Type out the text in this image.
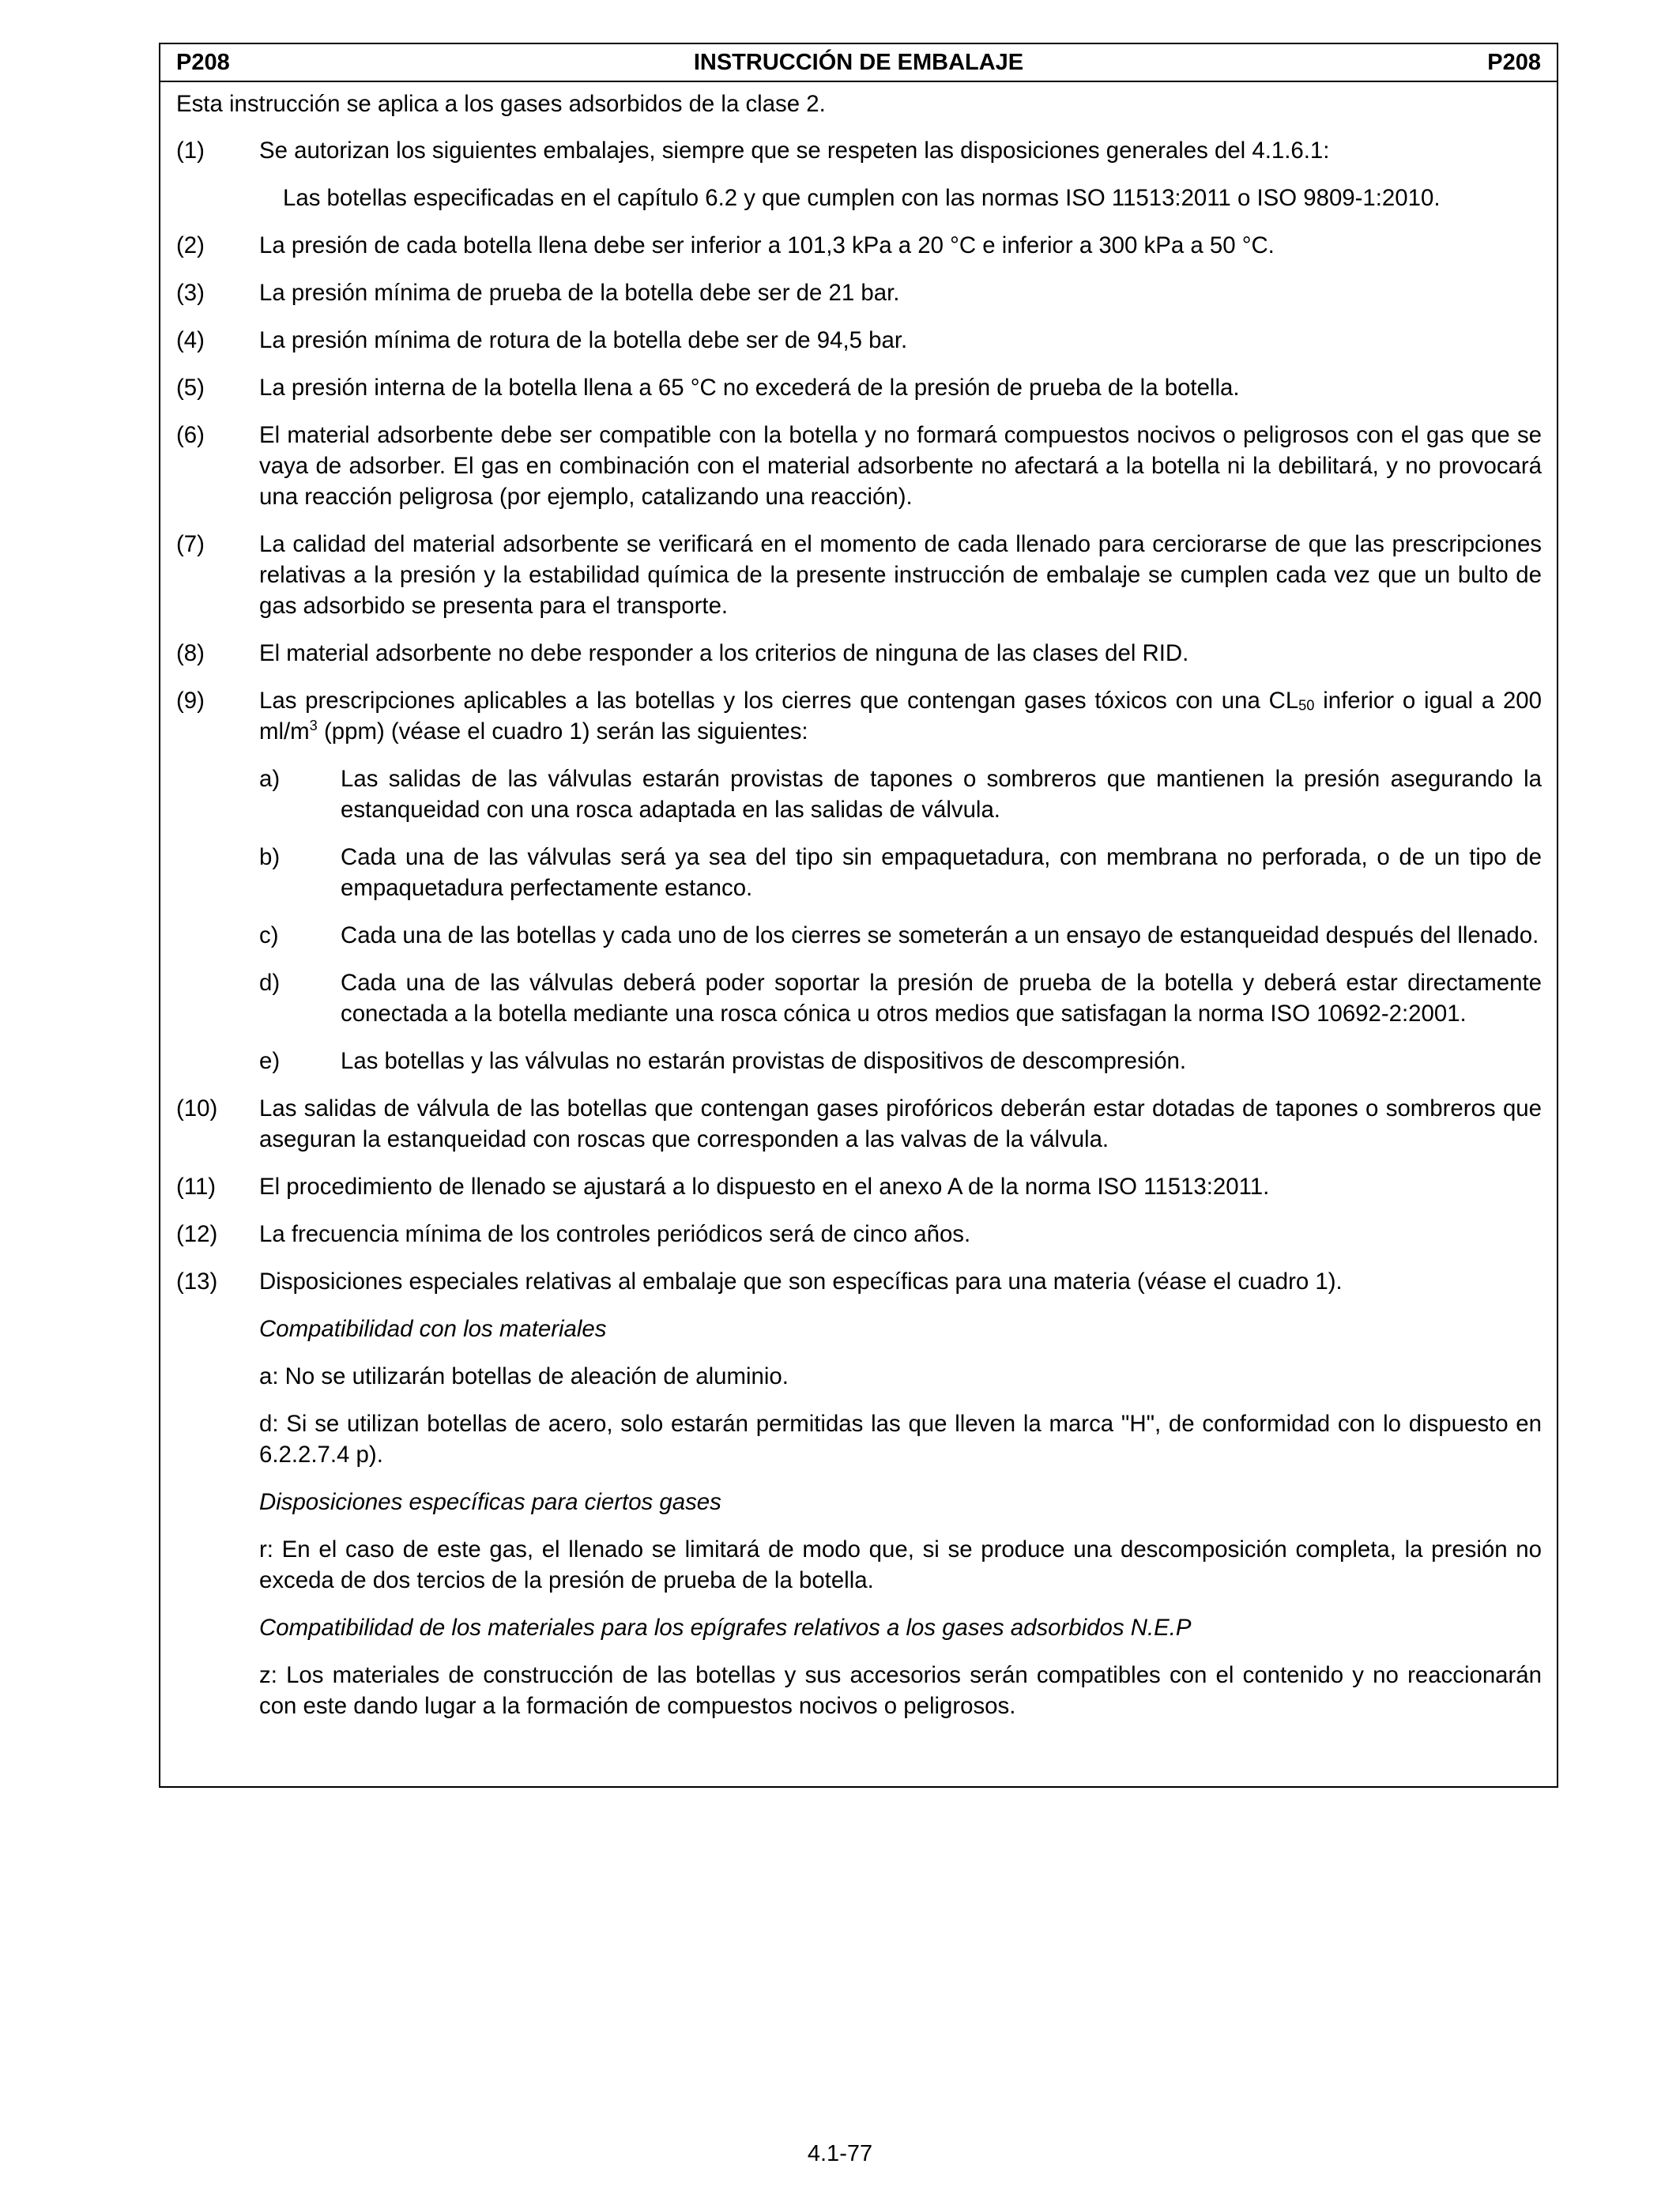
P208	INSTRUCCIÓN DE EMBALAJE	P208
Esta instrucción se aplica a los gases adsorbidos de la clase 2.
(1) Se autorizan los siguientes embalajes, siempre que se respeten las disposiciones generales del 4.1.6.1:
Las botellas especificadas en el capítulo 6.2 y que cumplen con las normas ISO 11513:2011 o ISO 9809-1:2010.
(2) La presión de cada botella llena debe ser inferior a 101,3 kPa a 20 °C e inferior a 300 kPa a 50 °C.
(3) La presión mínima de prueba de la botella debe ser de 21 bar.
(4) La presión mínima de rotura de la botella debe ser de 94,5 bar.
(5) La presión interna de la botella llena a 65 °C no excederá de la presión de prueba de la botella.
(6) El material adsorbente debe ser compatible con la botella y no formará compuestos nocivos o peligrosos con el gas que se vaya de adsorber. El gas en combinación con el material adsorbente no afectará a la botella ni la debilitará, y no provocará una reacción peligrosa (por ejemplo, catalizando una reacción).
(7) La calidad del material adsorbente se verificará en el momento de cada llenado para cerciorarse de que las prescripciones relativas a la presión y la estabilidad química de la presente instrucción de embalaje se cumplen cada vez que un bulto de gas adsorbido se presenta para el transporte.
(8) El material adsorbente no debe responder a los criterios de ninguna de las clases del RID.
(9) Las prescripciones aplicables a las botellas y los cierres que contengan gases tóxicos con una $CL_{50}$ inferior o igual a 200 $ml/m^3$ (ppm) (véase el cuadro 1) serán las siguientes:
a)	Las salidas de las válvulas estarán provistas de tapones o sombreros que mantienen la presión asegurando la estanqueidad con una rosca adaptada en las salidas de válvula.
b)	Cada una de las válvulas será ya sea del tipo sin empaquetadura, con membrana no perforada, o de un tipo de empaquetadura perfectamente estanco.
c)	Cada una de las botellas y cada uno de los cierres se someterán a un ensayo de estanqueidad después del llenado.
d)	Cada una de las válvulas deberá poder soportar la presión de prueba de la botella y deberá estar directamente conectada a la botella mediante una rosca cónica u otros medios que satisfagan la norma ISO 10692-2:2001.
e)	Las botellas y las válvulas no estarán provistas de dispositivos de descompresión.
(10) Las salidas de válvula de las botellas que contengan gases pirofóricos deberán estar dotadas de tapones o sombreros que aseguran la estanqueidad con roscas que corresponden a las valvas de la válvula.
(11) El procedimiento de llenado se ajustará a lo dispuesto en el anexo A de la norma ISO 11513:2011.
(12) La frecuencia mínima de los controles periódicos será de cinco años.
(13) Disposiciones especiales relativas al embalaje que son específicas para una materia (véase el cuadro 1).
Compatibilidad con los materiales
a: No se utilizarán botellas de aleación de aluminio.
d: Si se utilizan botellas de acero, solo estarán permitidas las que lleven la marca "H", de conformidad con lo dispuesto en 6.2.2.7.4 p).
Disposiciones específicas para ciertos gases
r: En el caso de este gas, el llenado se limitará de modo que, si se produce una descomposición completa, la presión no exceda de dos tercios de la presión de prueba de la botella.
Compatibilidad de los materiales para los epígrafes relativos a los gases adsorbidos N.E.P
z: Los materiales de construcción de las botellas y sus accesorios serán compatibles con el contenido y no reaccionarán con este dando lugar a la formación de compuestos nocivos o peligrosos.
4.1-77
